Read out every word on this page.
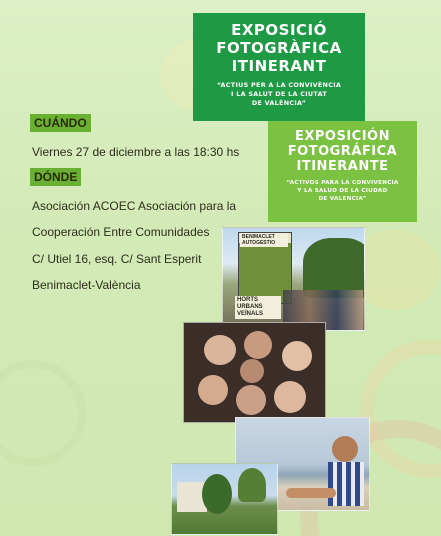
EXPOSICIÓ
FOTOGRÀFICA
ITINERANT
“ACTIUS PER A LA CONVIVÈNCIA
I LA SALUT DE LA CIUTAT
DE VALÈNCIA”
EXPOSICIÓN
FOTOGRÁFICA
ITINERANTE
“ACTIVOS PARA LA CONVIVENCIA
Y LA SALUD DE LA CIUDAD
DE VALENCIA”
CUÁNDO
Viernes 27 de diciembre a las 18:30 hs
DÓNDE
Asociación ACOEC Asociación para la
Cooperación Entre Comunidades
C/ Utiel 16, esq. C/ Sant Esperit
Benimaclet-València
BENIMACLET AUTOGESTIO
HORTS URBANS VEÏNALS
